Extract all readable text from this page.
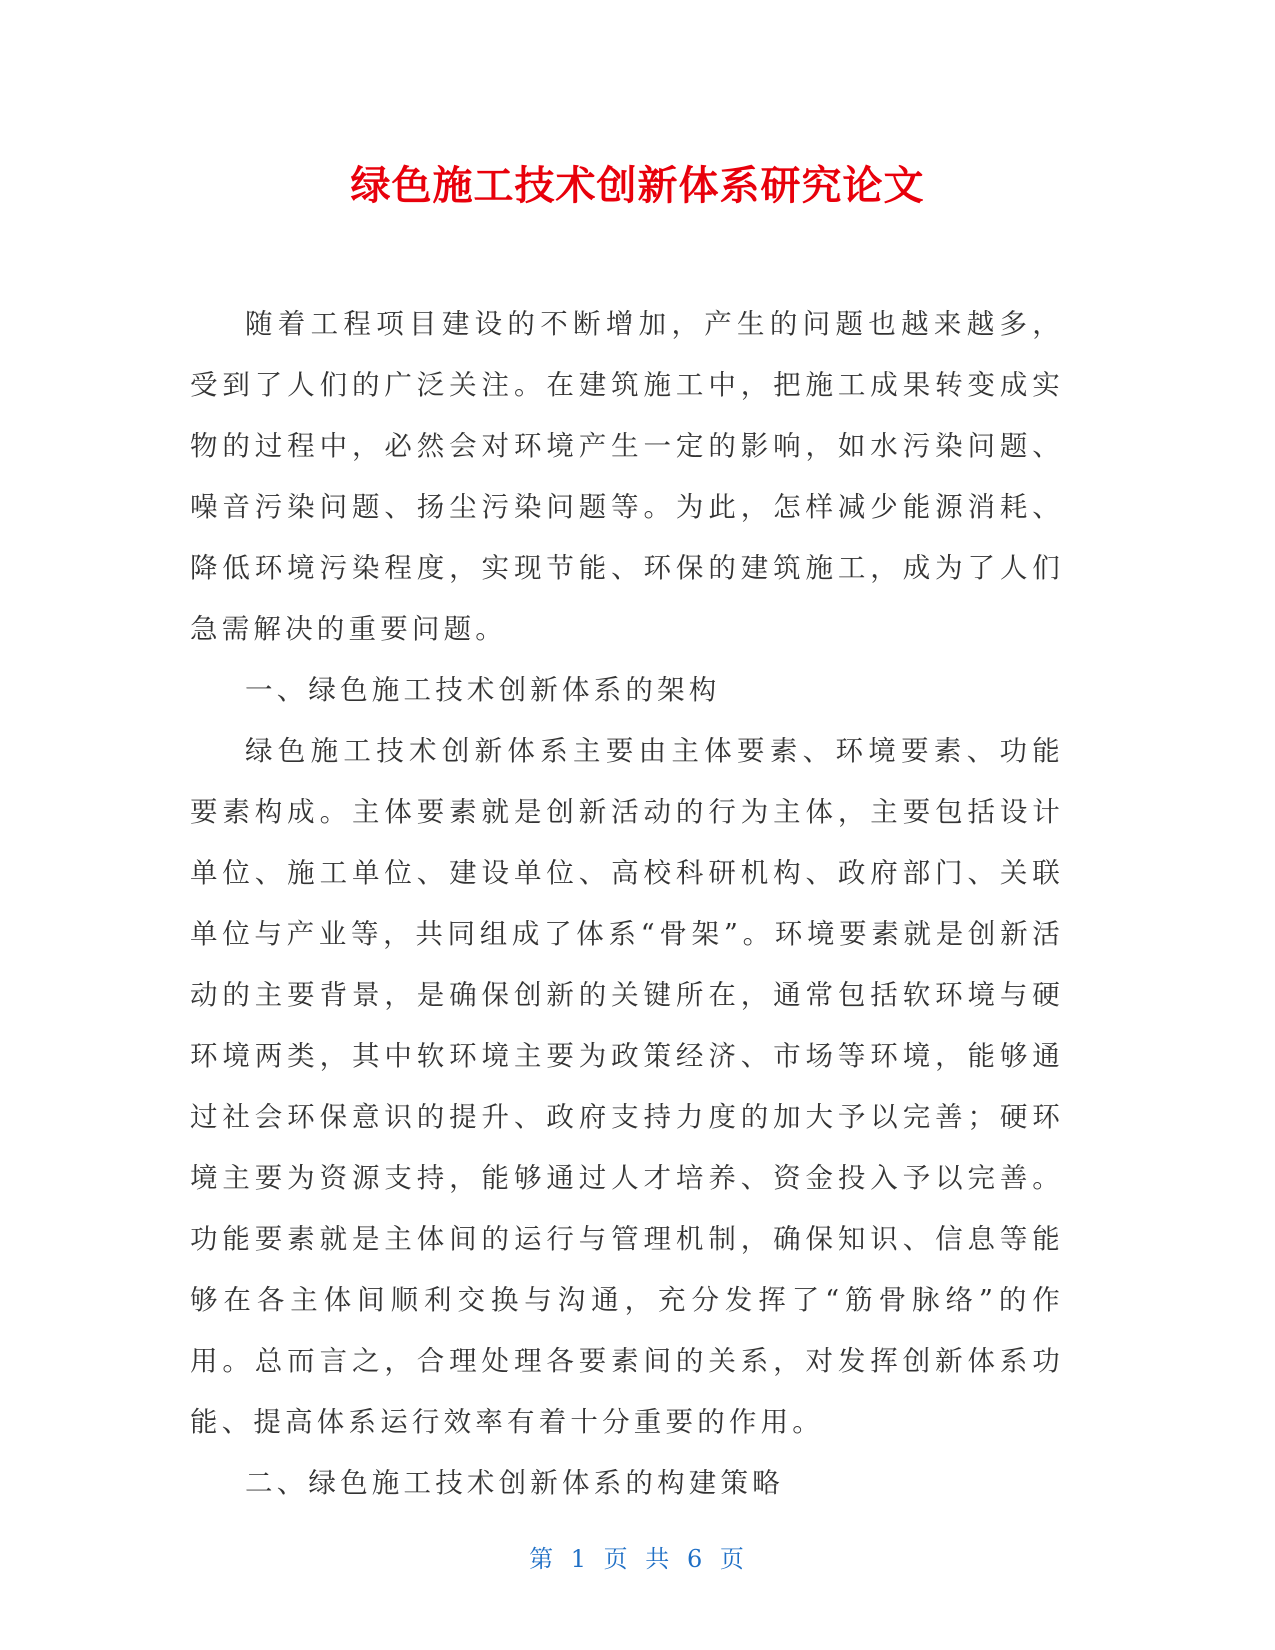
绿色施工技术创新体系研究论文

随着工程项目建设的不断增加，产生的问题也越来越多，受到了人们的广泛关注。在建筑施工中，把施工成果转变成实物的过程中，必然会对环境产生一定的影响，如水污染问题、噪音污染问题、扬尘污染问题等。为此，怎样减少能源消耗、降低环境污染程度，实现节能、环保的建筑施工，成为了人们急需解决的重要问题。

一、绿色施工技术创新体系的架构

绿色施工技术创新体系主要由主体要素、环境要素、功能要素构成。主体要素就是创新活动的行为主体，主要包括设计单位、施工单位、建设单位、高校科研机构、政府部门、关联单位与产业等，共同组成了体系“骨架”。环境要素就是创新活动的主要背景，是确保创新的关键所在，通常包括软环境与硬环境两类，其中软环境主要为政策经济、市场等环境，能够通过社会环保意识的提升、政府支持力度的加大予以完善；硬环境主要为资源支持，能够通过人才培养、资金投入予以完善。功能要素就是主体间的运行与管理机制，确保知识、信息等能够在各主体间顺利交换与沟通，充分发挥了“筋骨脉络”的作用。总而言之，合理处理各要素间的关系，对发挥创新体系功能、提高体系运行效率有着十分重要的作用。

二、绿色施工技术创新体系的构建策略

第 1 页 共 6 页
